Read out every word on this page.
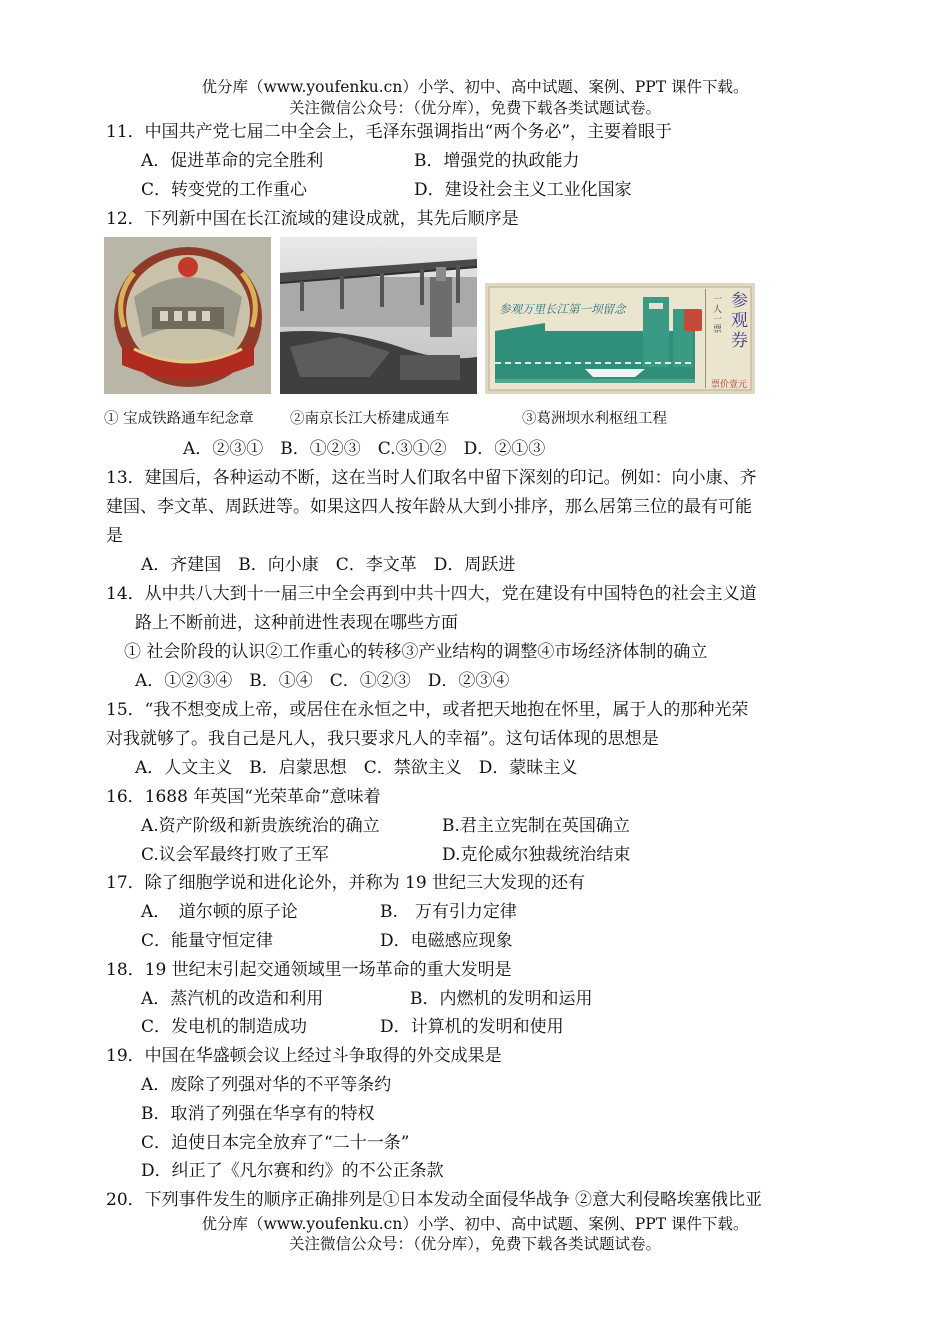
优分库（www.youfenku.cn）小学、初中、高中试题、案例、PPT 课件下载。
关注微信公众号：（优分库），免费下载各类试题试卷。
11．中国共产党七届二中全会上，毛泽东强调指出“两个务必”，主要着眼于
A．促进革命的完全胜利	B．增强党的执政能力
C．转变党的工作重心	D．建设社会主义工业化国家
12．下列新中国在长江流域的建设成就，其先后顺序是
参观万里长江第一坝留念
一人一票
参观券
票价壹元
① 宝成铁路通车纪念章	②南京长江大桥建成通车	③葛洲坝水利枢纽工程
A．②③①　B．①②③　C.③①②　D．②①③
13．建国后，各种运动不断，这在当时人们取名中留下深刻的印记。例如：向小康、齐
建国、李文革、周跃进等。如果这四人按年龄从大到小排序，那么居第三位的最有可能
是
A．齐建国　B．向小康　C．李文革　D．周跃进
14．从中共八大到十一届三中全会再到中共十四大，党在建设有中国特色的社会主义道
路上不断前进，这种前进性表现在哪些方面
① 社会阶段的认识②工作重心的转移③产业结构的调整④市场经济体制的确立
A．①②③④　B．①④　C．①②③　D．②③④
15．“我不想变成上帝，或居住在永恒之中，或者把天地抱在怀里，属于人的那种光荣
对我就够了。我自己是凡人，我只要求凡人的幸福”。这句话体现的思想是
A．人文主义　B．启蒙思想　C．禁欲主义　D．蒙昧主义
16．1688 年英国“光荣革命”意味着
A.资产阶级和新贵族统治的确立	B.君主立宪制在英国确立
C.议会军最终打败了王军	D.克伦威尔独裁统治结束
17．除了细胞学说和进化论外，并称为 19 世纪三大发现的还有
A．　道尔顿的原子论	B.　万有引力定律
C．能量守恒定律	D．电磁感应现象
18．19 世纪末引起交通领域里一场革命的重大发明是
A．蒸汽机的改造和利用	B．内燃机的发明和运用
C．发电机的制造成功	D．计算机的发明和使用
19．中国在华盛顿会议上经过斗争取得的外交成果是
A．废除了列强对华的不平等条约
B．取消了列强在华享有的特权
C．迫使日本完全放弃了“二十一条”
D．纠正了《凡尔赛和约》的不公正条款
20．下列事件发生的顺序正确排列是①日本发动全面侵华战争 ②意大利侵略埃塞俄比亚
优分库（www.youfenku.cn）小学、初中、高中试题、案例、PPT 课件下载。
关注微信公众号：（优分库），免费下载各类试题试卷。
